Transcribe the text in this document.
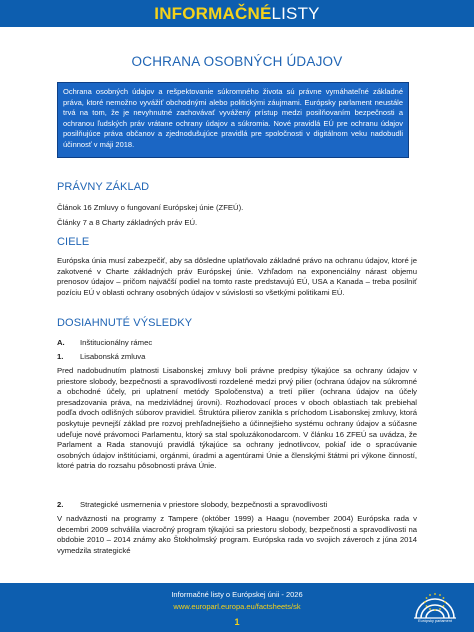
INFORMAČNÉLISTY
OCHRANA OSOBNÝCH ÚDAJOV

Ochrana osobných údajov a rešpektovanie súkromného života sú právne vymáhateľné základné práva, ktoré nemožno vyvážiť obchodnými alebo politickými záujmami. Európsky parlament neustále trvá na tom, že je nevyhnutné zachovávať vyvážený prístup medzi posilňovaním bezpečnosti a ochranou ľudských práv vrátane ochrany údajov a súkromia. Nové pravidlá EÚ pre ochranu údajov posilňujúce práva občanov a zjednodušujúce pravidlá pre spoločnosti v digitálnom veku nadobudli účinnosť v máji 2018.

PRÁVNY ZÁKLAD

Článok 16 Zmluvy o fungovaní Európskej únie (ZFEÚ).

Články 7 a 8 Charty základných práv EÚ.

CIELE

Európska únia musí zabezpečiť, aby sa dôsledne uplatňovalo základné právo na ochranu údajov, ktoré je zakotvené v Charte základných práv Európskej únie. Vzhľadom na exponenciálny nárast objemu prenosov údajov – pričom najväčší podiel na tomto raste predstavujú EÚ, USA a Kanada – treba posilniť pozíciu EÚ v oblasti ochrany osobných údajov v súvislosti so všetkými politikami EÚ.

DOSIAHNUTÉ VÝSLEDKY
A. Inštitucionálny rámec
1. Lisabonská zmluva

Pred nadobudnutím platnosti Lisabonskej zmluvy boli právne predpisy týkajúce sa ochrany údajov v priestore slobody, bezpečnosti a spravodlivosti rozdelené medzi prvý pilier (ochrana údajov na súkromné a obchodné účely, pri uplatnení metódy Spoločenstva) a tretí pilier (ochrana údajov na účely presadzovania práva, na medzivládnej úrovni). Rozhodovací proces v oboch oblastiach tak prebiehal podľa dvoch odlišných súborov pravidiel. Štruktúra pilierov zanikla s príchodom Lisabonskej zmluvy, ktorá poskytuje pevnejší základ pre rozvoj prehľadnejšieho a účinnejšieho systému ochrany údajov a súčasne udeľuje nové právomoci Parlamentu, ktorý sa stal spoluzákonodarcom. V článku 16 ZFEÚ sa uvádza, že Parlament a Rada stanovujú pravidlá týkajúce sa ochrany jednotlivcov, pokiaľ ide o spracúvanie osobných údajov inštitúciami, orgánmi, úradmi a agentúrami Únie a členskými štátmi pri výkone činností, ktoré patria do rozsahu pôsobnosti práva Únie.

2. Strategické usmernenia v priestore slobody, bezpečnosti a spravodlivosti

V nadväznosti na programy z Tampere (október 1999) a Haagu (november 2004) Európska rada v decembri 2009 schválila viacročný program týkajúci sa priestoru slobody, bezpečnosti a spravodlivosti na obdobie 2010 – 2014 známy ako Štokholmský program. Európska rada vo svojich záveroch z júna 2014 vymedzila strategické

Informačné listy o Európskej únii - 2026
www.europarl.europa.eu/factsheets/sk
1	Európsky parlament
